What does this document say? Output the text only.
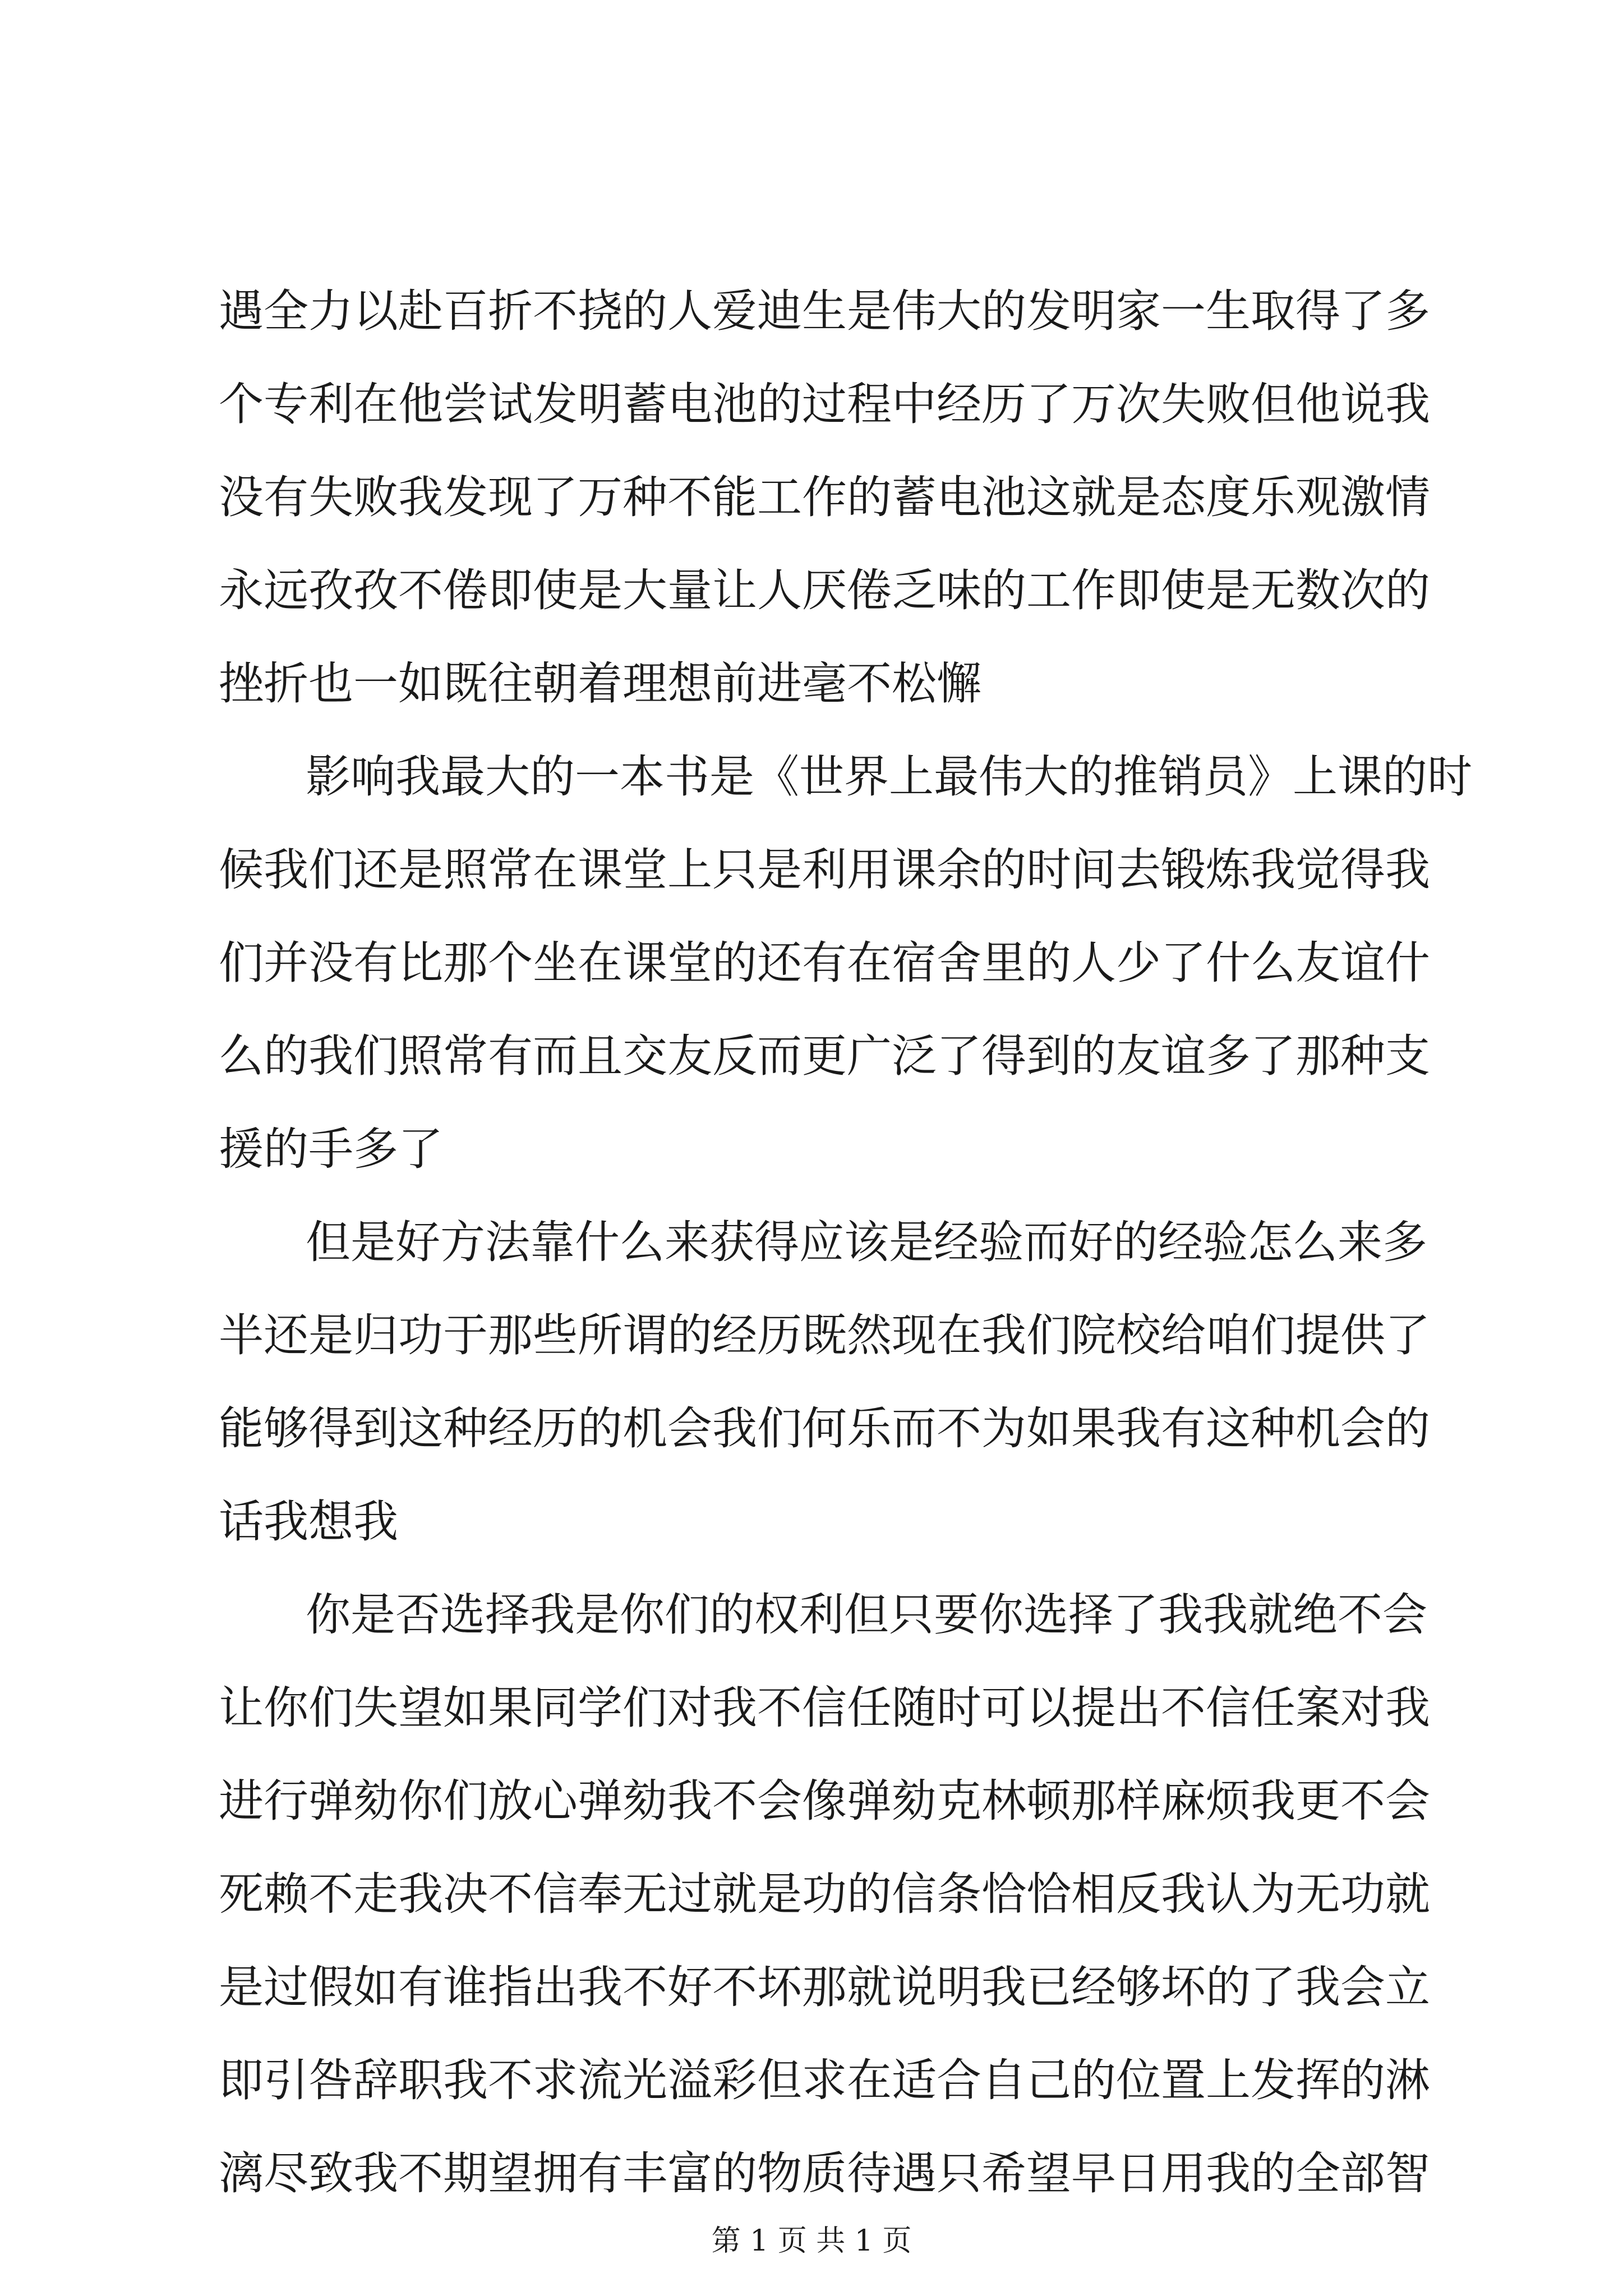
遇全力以赴百折不挠的人爱迪生是伟大的发明家一生取得了多
个专利在他尝试发明蓄电池的过程中经历了万次失败但他说我
没有失败我发现了万种不能工作的蓄电池这就是态度乐观激情
永远孜孜不倦即使是大量让人厌倦乏味的工作即使是无数次的
挫折也一如既往朝着理想前进毫不松懈
影响我最大的一本书是《世界上最伟大的推销员》上课的时
候我们还是照常在课堂上只是利用课余的时间去锻炼我觉得我
们并没有比那个坐在课堂的还有在宿舍里的人少了什么友谊什
么的我们照常有而且交友反而更广泛了得到的友谊多了那种支
援的手多了
但是好方法靠什么来获得应该是经验而好的经验怎么来多
半还是归功于那些所谓的经历既然现在我们院校给咱们提供了
能够得到这种经历的机会我们何乐而不为如果我有这种机会的
话我想我
你是否选择我是你们的权利但只要你选择了我我就绝不会
让你们失望如果同学们对我不信任随时可以提出不信任案对我
进行弹劾你们放心弹劾我不会像弹劾克林顿那样麻烦我更不会
死赖不走我决不信奉无过就是功的信条恰恰相反我认为无功就
是过假如有谁指出我不好不坏那就说明我已经够坏的了我会立
即引咎辞职我不求流光溢彩但求在适合自己的位置上发挥的淋
漓尽致我不期望拥有丰富的物质待遇只希望早日用我的全部智
第 1 页 共 1 页
